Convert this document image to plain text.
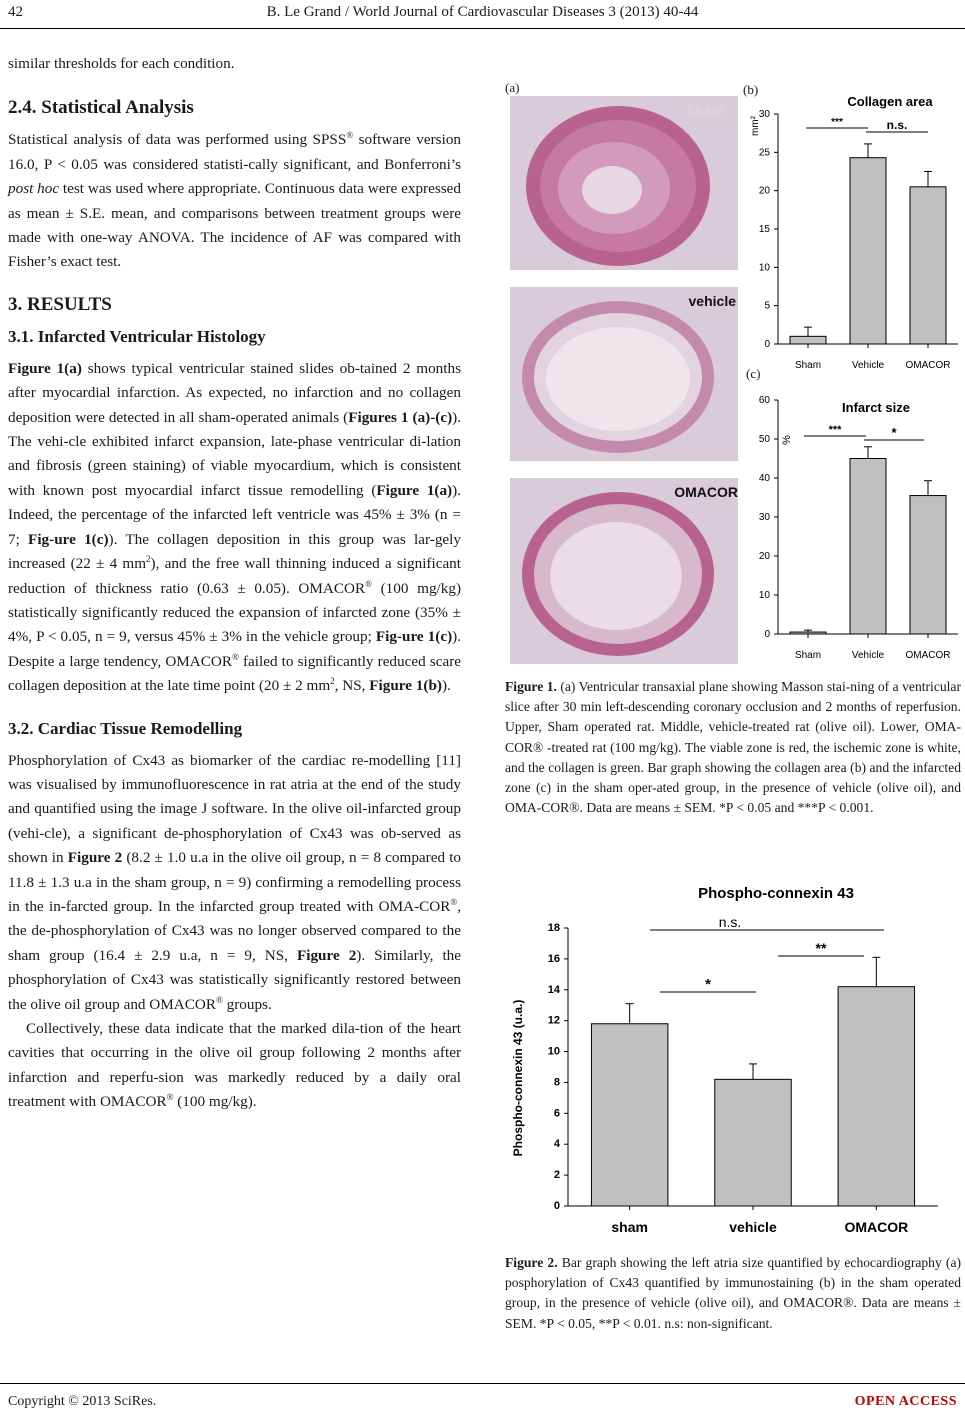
42	B. Le Grand / World Journal of Cardiovascular Diseases 3 (2013) 40-44

similar thresholds for each condition.

2.4. Statistical Analysis

Statistical analysis of data was performed using SPSS® software version 16.0, P < 0.05 was considered statisti-cally significant, and Bonferroni’s post hoc test was used where appropriate. Continuous data were expressed as mean ± S.E. mean, and comparisons between treatment groups were made with one-way ANOVA. The incidence of AF was compared with Fisher’s exact test.

3. RESULTS
3.1. Infarcted Ventricular Histology

Figure 1(a) shows typical ventricular stained slides ob-tained 2 months after myocardial infarction. As expected, no infarction and no collagen deposition were detected in all sham-operated animals (Figures 1 (a)-(c)). The vehi-cle exhibited infarct expansion, late-phase ventricular di-lation and fibrosis (green staining) of viable myocardium, which is consistent with known post myocardial infarct tissue remodelling (Figure 1(a)). Indeed, the percentage of the infarcted left ventricle was 45% ± 3% (n = 7; Fig-ure 1(c)). The collagen deposition in this group was lar-gely increased (22 ± 4 $mm^2$), and the free wall thinning induced a significant reduction of thickness ratio (0.63 ± 0.05). OMACOR® (100 mg/kg) statistically significantly reduced the expansion of infarcted zone (35% ± 4%, P < 0.05, n = 9, versus 45% ± 3% in the vehicle group; Fig-ure 1(c)). Despite a large tendency, OMACOR® failed to significantly reduced scare collagen deposition at the late time point (20 ± 2 $mm^2$, NS, Figure 1(b)).

3.2. Cardiac Tissue Remodelling

Phosphorylation of Cx43 as biomarker of the cardiac re-modelling [11] was visualised by immunofluorescence in rat atria at the end of the study and quantified using the image J software. In the olive oil-infarcted group (vehi-cle), a significant de-phosphorylation of Cx43 was ob-served as shown in Figure 2 (8.2 ± 1.0 u.a in the olive oil group, n = 8 compared to 11.8 ± 1.3 u.a in the sham group, n = 9) confirming a remodelling process in the in-farcted group. In the infarcted group treated with OMA-COR®, the de-phosphorylation of Cx43 was no longer observed compared to the sham group (16.4 ± 2.9 u.a, n = 9, NS, Figure 2). Similarly, the phosphorylation of Cx43 was statistically significantly restored between the olive oil group and OMACOR® groups.

Collectively, these data indicate that the marked dila-tion of the heart cavities that occurring in the olive oil group following 2 months after infarction and reperfu-sion was markedly reduced by a daily oral treatment with OMACOR® (100 mg/kg).

(a)
Sham
vehicle
OMACOR
(b)
(c)
0
5
10
15
20
25
30
Sham	Vehicle OMACOR
Collagen area
mm²	***	n.s.
0
10
20
30
40
50
60
Sham	Vehicle OMACOR
Infarct size
%
***	*
Figure 1. (a) Ventricular transaxial plane showing Masson stai-ning of a ventricular slice after 30 min left-descending coronary occlusion and 2 months of reperfusion. Upper, Sham operated rat. Middle, vehicle-treated rat (olive oil). Lower, OMA-COR® -treated rat (100 mg/kg). The viable zone is red, the ischemic zone is white, and the collagen is green. Bar graph showing the collagen area (b) and the infarcted zone (c) in the sham oper-ated group, in the presence of vehicle (olive oil), and OMA-COR®. Data are means ± SEM. *P < 0.05 and ***P < 0.001.
0
2
4
6
8
10
12
14
16
18
sham	vehicle	OMACOR
Phospho-connexin 43
Phospho-connexin 43 (u.a.)
n.s.
**
*
Figure 2. Bar graph showing the left atria size quantified by echocardiography (a) posphorylation of Cx43 quantified by immunostaining (b) in the sham operated group, in the presence of vehicle (olive oil), and OMACOR®. Data are means ± SEM. *P < 0.05, **P < 0.01. n.s: non-significant.
Copyright © 2013 SciRes.	OPEN ACCESS
